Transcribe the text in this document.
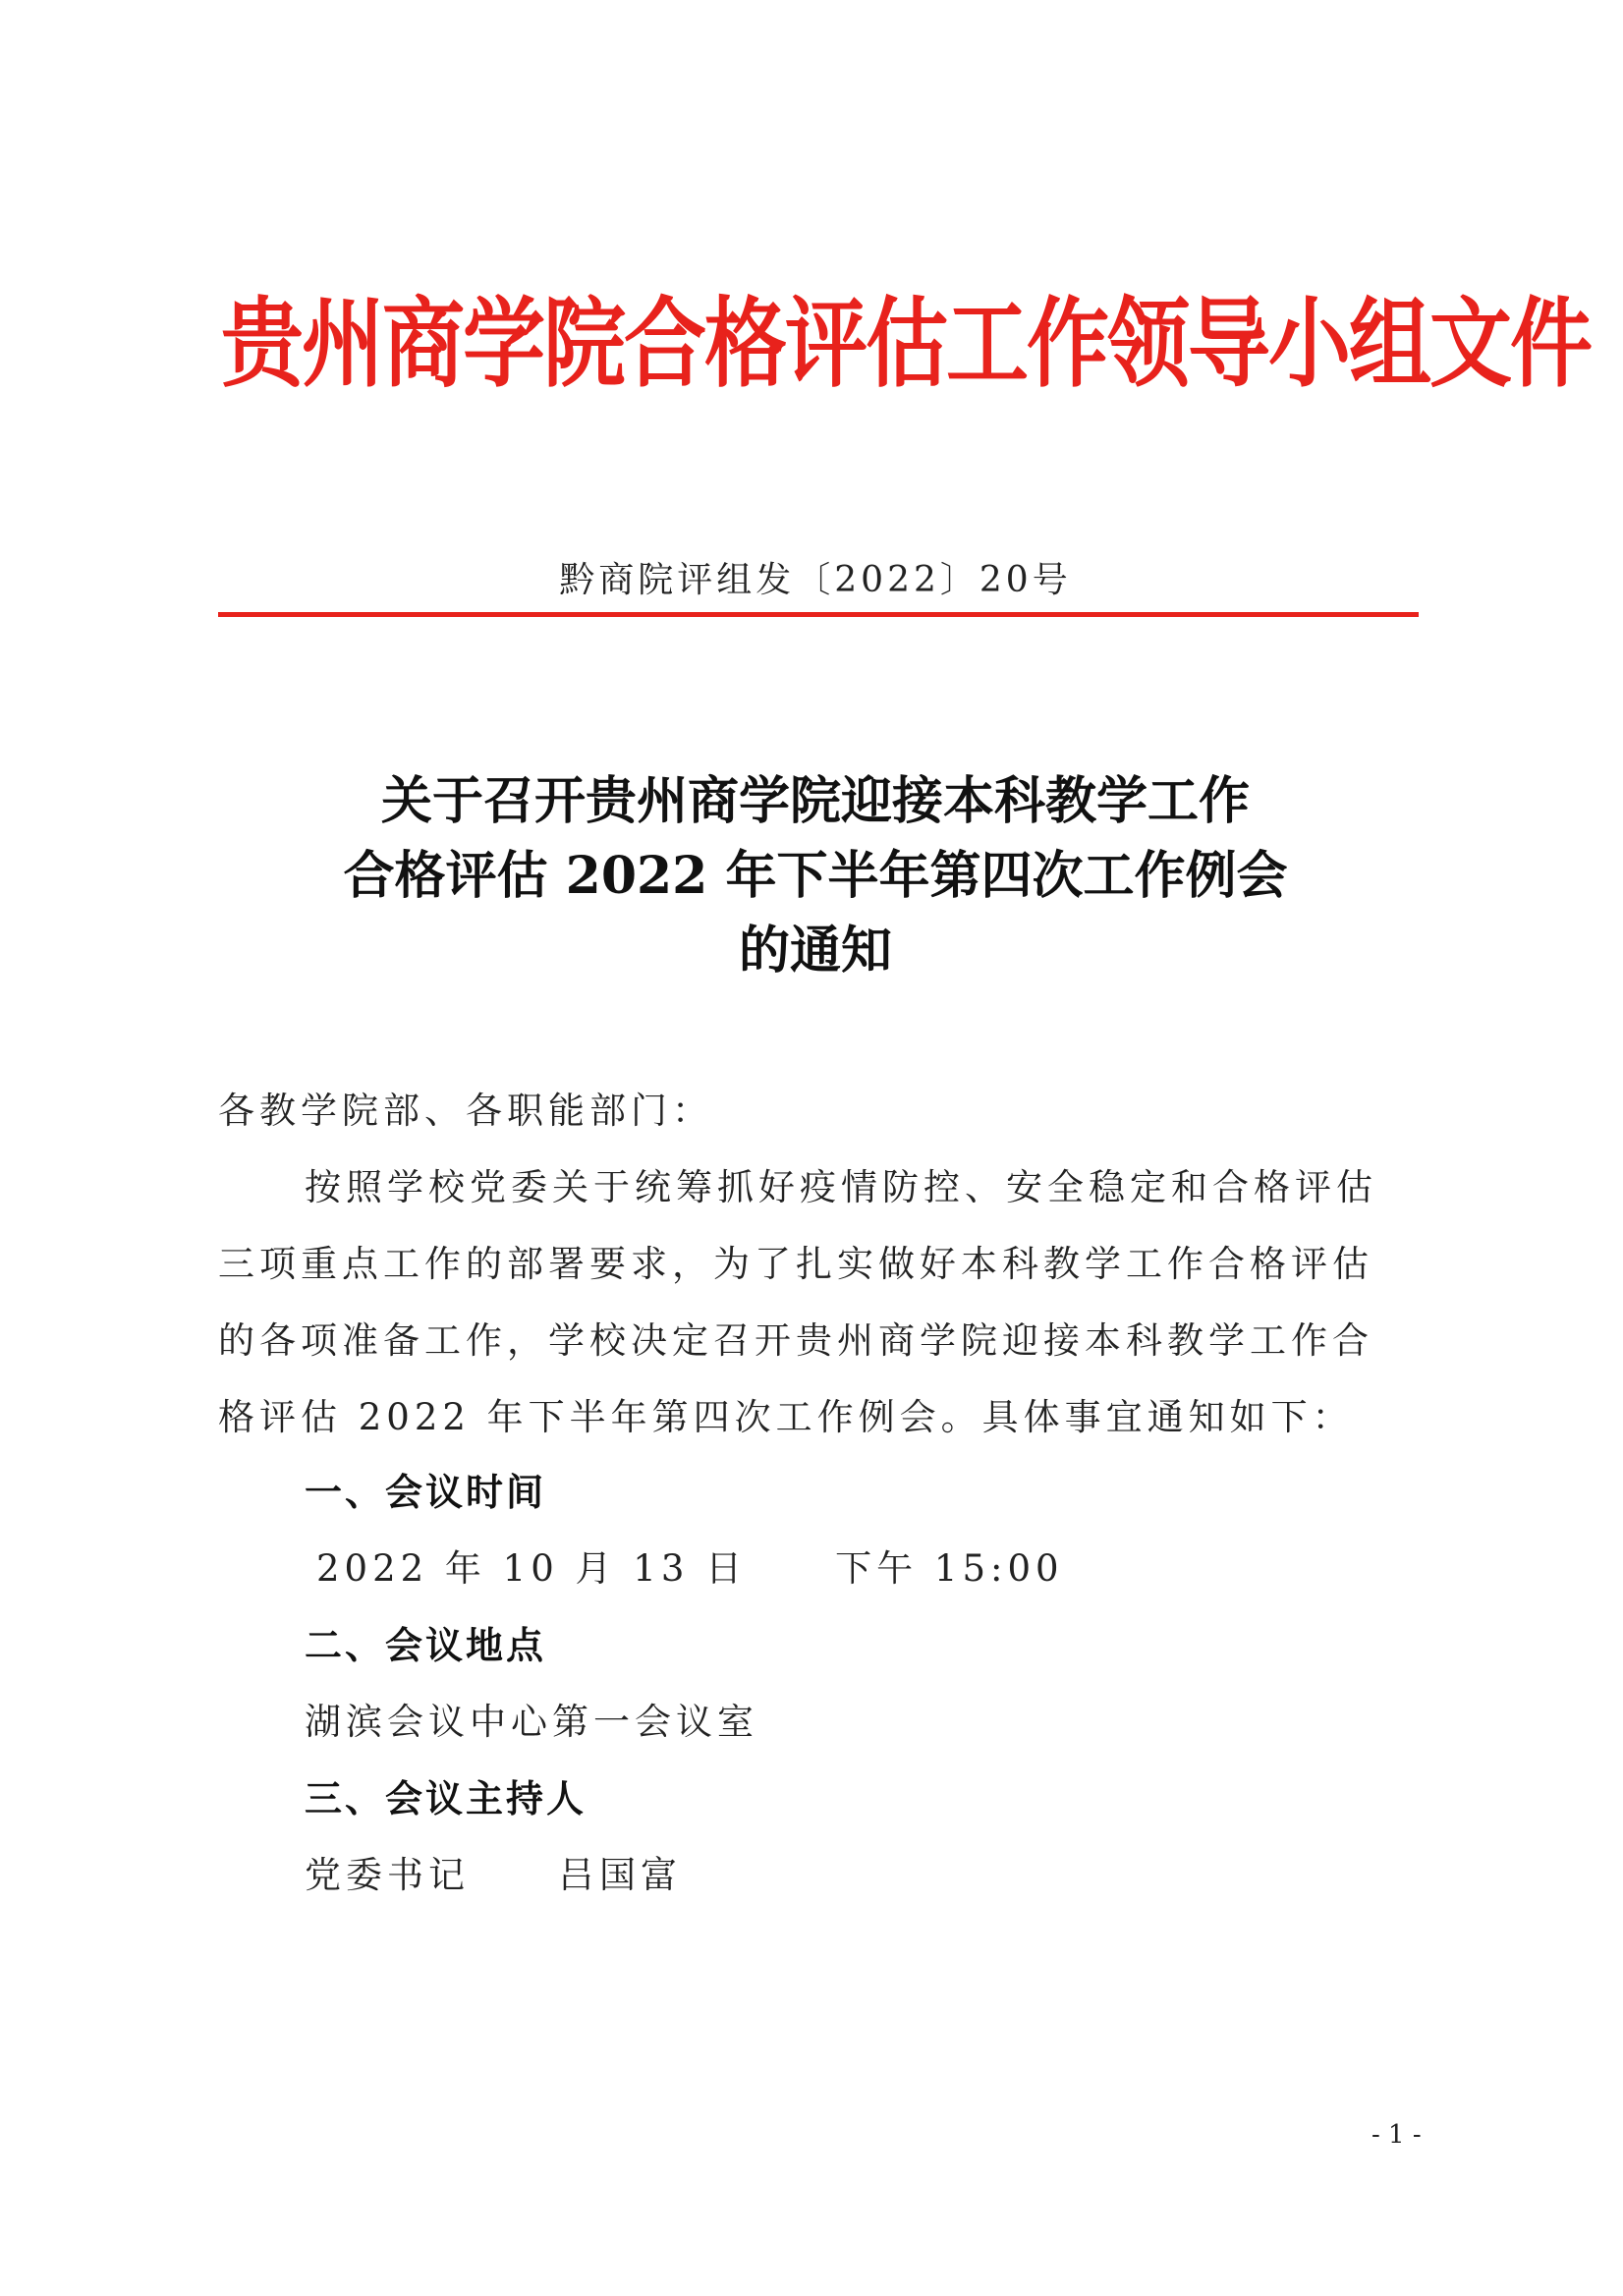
贵州商学院合格评估工作领导小组文件
黔商院评组发〔2022〕20号
关于召开贵州商学院迎接本科教学工作
合格评估 2022 年下半年第四次工作例会
的通知
各教学院部、各职能部门：
按照学校党委关于统筹抓好疫情防控、安全稳定和合格评估
三项重点工作的部署要求，为了扎实做好本科教学工作合格评估
的各项准备工作，学校决定召开贵州商学院迎接本科教学工作合
格评估 2022 年下半年第四次工作例会。具体事宜通知如下：
一、会议时间
2022 年 10 月 13 日 下午 15:00
二、会议地点
湖滨会议中心第一会议室
三、会议主持人
党委书记 吕国富
- 1 -
